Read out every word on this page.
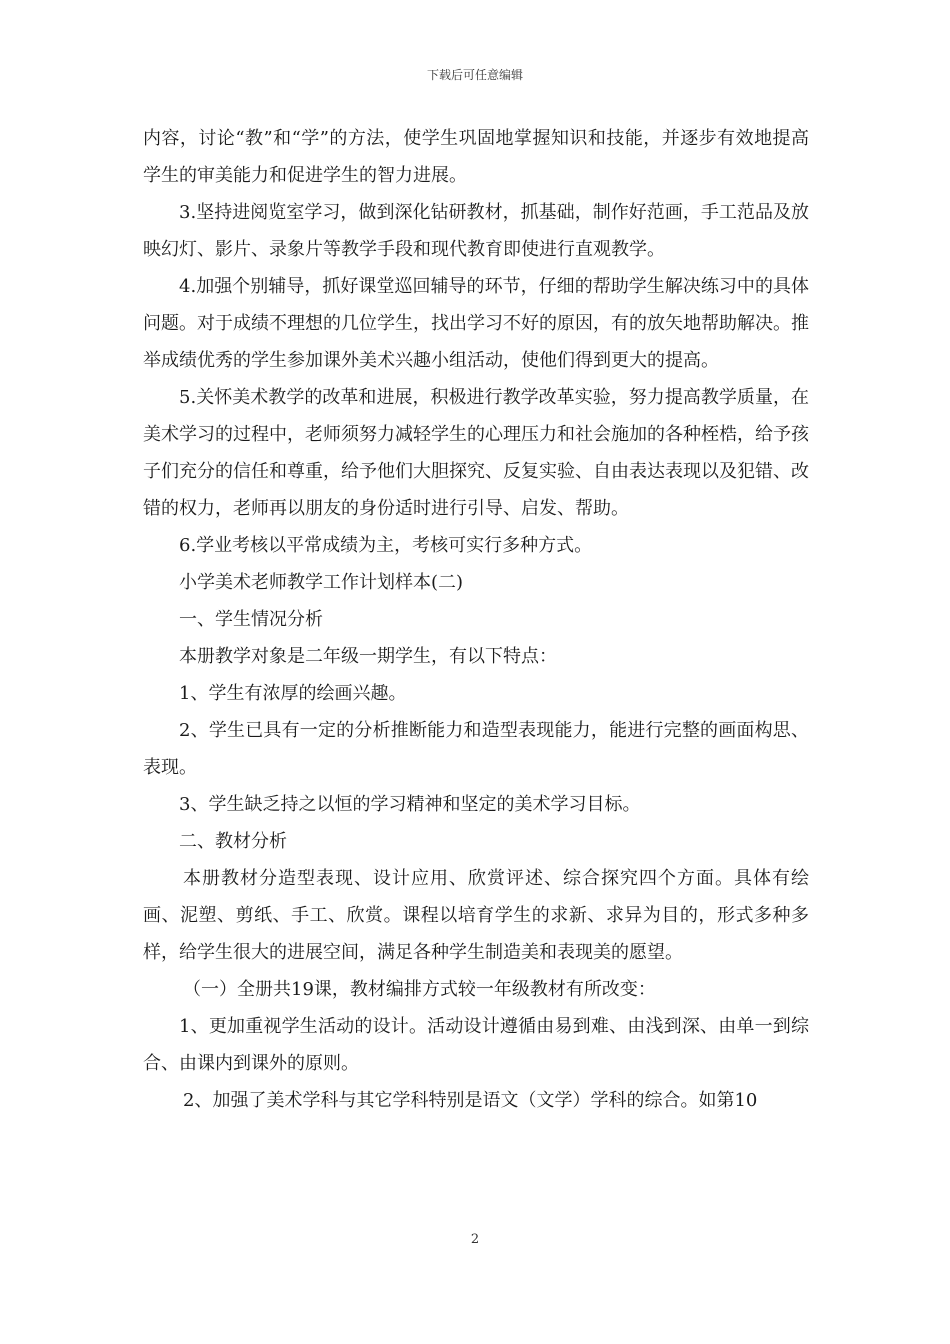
下载后可任意编辑

内容，讨论“教”和“学”的方法，使学生巩固地掌握知识和技能，并逐步有效地提高学生的审美能力和促进学生的智力进展。

3.坚持进阅览室学习，做到深化钻研教材，抓基础，制作好范画，手工范品及放映幻灯、影片、录象片等教学手段和现代教育即使进行直观教学。

4.加强个别辅导，抓好课堂巡回辅导的环节，仔细的帮助学生解决练习中的具体问题。对于成绩不理想的几位学生，找出学习不好的原因，有的放矢地帮助解决。推举成绩优秀的学生参加课外美术兴趣小组活动，使他们得到更大的提高。

5.关怀美术教学的改革和进展，积极进行教学改革实验，努力提高教学质量，在美术学习的过程中，老师须努力减轻学生的心理压力和社会施加的各种桎梏，给予孩子们充分的信任和尊重，给予他们大胆探究、反复实验、自由表达表现以及犯错、改错的权力，老师再以朋友的身份适时进行引导、启发、帮助。

6.学业考核以平常成绩为主，考核可实行多种方式。

小学美术老师教学工作计划样本(二)

一、学生情况分析

本册教学对象是二年级一期学生，有以下特点：

1、学生有浓厚的绘画兴趣。

2、学生已具有一定的分析推断能力和造型表现能力，能进行完整的画面构思、表现。

3、学生缺乏持之以恒的学习精神和坚定的美术学习目标。

二、教材分析

本册教材分造型表现、设计应用、欣赏评述、综合探究四个方面。具体有绘画、泥塑、剪纸、手工、欣赏。课程以培育学生的求新、求异为目的，形式多种多样，给学生很大的进展空间，满足各种学生制造美和表现美的愿望。

（一）全册共19课，教材编排方式较一年级教材有所改变：

1、更加重视学生活动的设计。活动设计遵循由易到难、由浅到深、由单一到综合、由课内到课外的原则。

2、加强了美术学科与其它学科特别是语文（文学）学科的综合。如第10

2
